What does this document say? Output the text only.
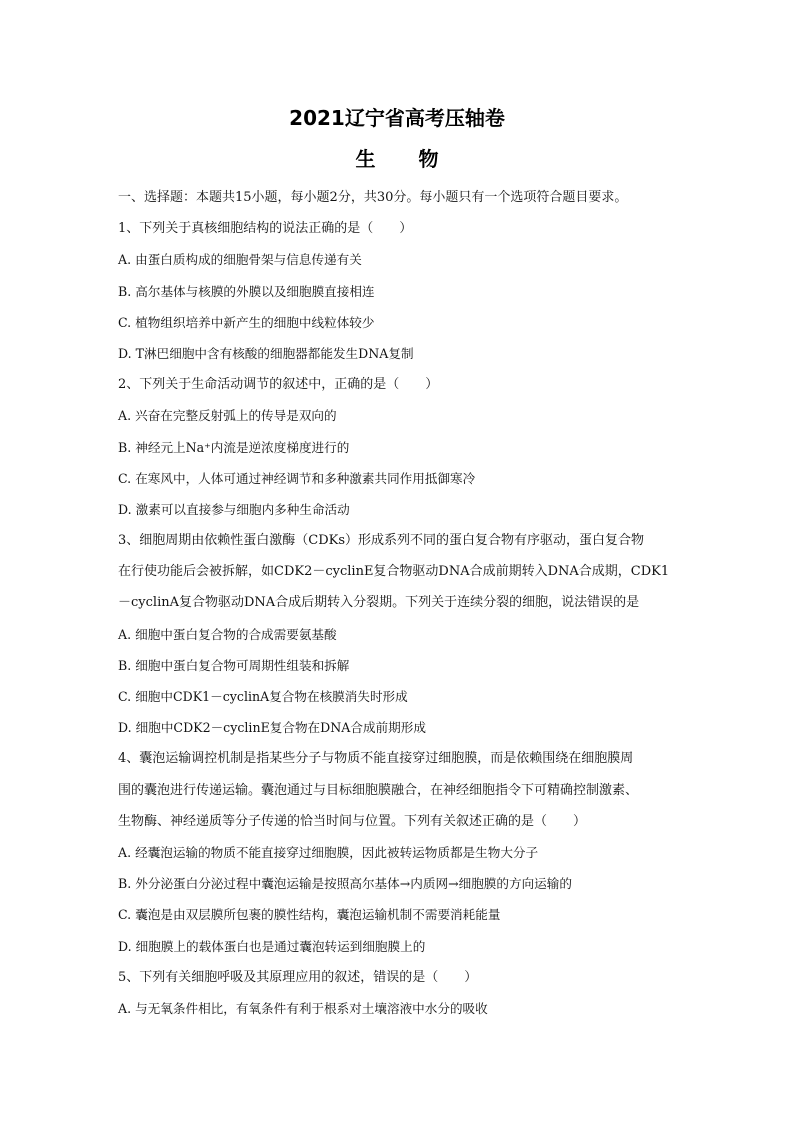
2021辽宁省高考压轴卷
生 物
一、选择题：本题共15小题，每小题2分，共30分。每小题只有一个选项符合题目要求。
1、下列关于真核细胞结构的说法正确的是（　　）
A. 由蛋白质构成的细胞骨架与信息传递有关
B. 高尔基体与核膜的外膜以及细胞膜直接相连
C. 植物组织培养中新产生的细胞中线粒体较少
D. T淋巴细胞中含有核酸的细胞器都能发生DNA复制
2、下列关于生命活动调节的叙述中，正确的是（　　）
A. 兴奋在完整反射弧上的传导是双向的
B. 神经元上Na⁺内流是逆浓度梯度进行的
C. 在寒风中，人体可通过神经调节和多种激素共同作用抵御寒冷
D. 激素可以直接参与细胞内多种生命活动
3、细胞周期由依赖性蛋白激酶（CDKs）形成系列不同的蛋白复合物有序驱动，蛋白复合物
在行使功能后会被拆解，如CDK2－cyclinE复合物驱动DNA合成前期转入DNA合成期，CDK1
－cyclinA复合物驱动DNA合成后期转入分裂期。下列关于连续分裂的细胞，说法错误的是
A. 细胞中蛋白复合物的合成需要氨基酸
B. 细胞中蛋白复合物可周期性组装和拆解
C. 细胞中CDK1－cyclinA复合物在核膜消失时形成
D. 细胞中CDK2－cyclinE复合物在DNA合成前期形成
4、囊泡运输调控机制是指某些分子与物质不能直接穿过细胞膜，而是依赖围绕在细胞膜周
围的囊泡进行传递运输。囊泡通过与目标细胞膜融合，在神经细胞指令下可精确控制激素、
生物酶、神经递质等分子传递的恰当时间与位置。下列有关叙述正确的是（　　）
A. 经囊泡运输的物质不能直接穿过细胞膜，因此被转运物质都是生物大分子
B. 外分泌蛋白分泌过程中囊泡运输是按照高尔基体→内质网→细胞膜的方向运输的
C. 囊泡是由双层膜所包裹的膜性结构，囊泡运输机制不需要消耗能量
D. 细胞膜上的载体蛋白也是通过囊泡转运到细胞膜上的
5、下列有关细胞呼吸及其原理应用的叙述，错误的是（　　）
A. 与无氧条件相比，有氧条件有利于根系对土壤溶液中水分的吸收
